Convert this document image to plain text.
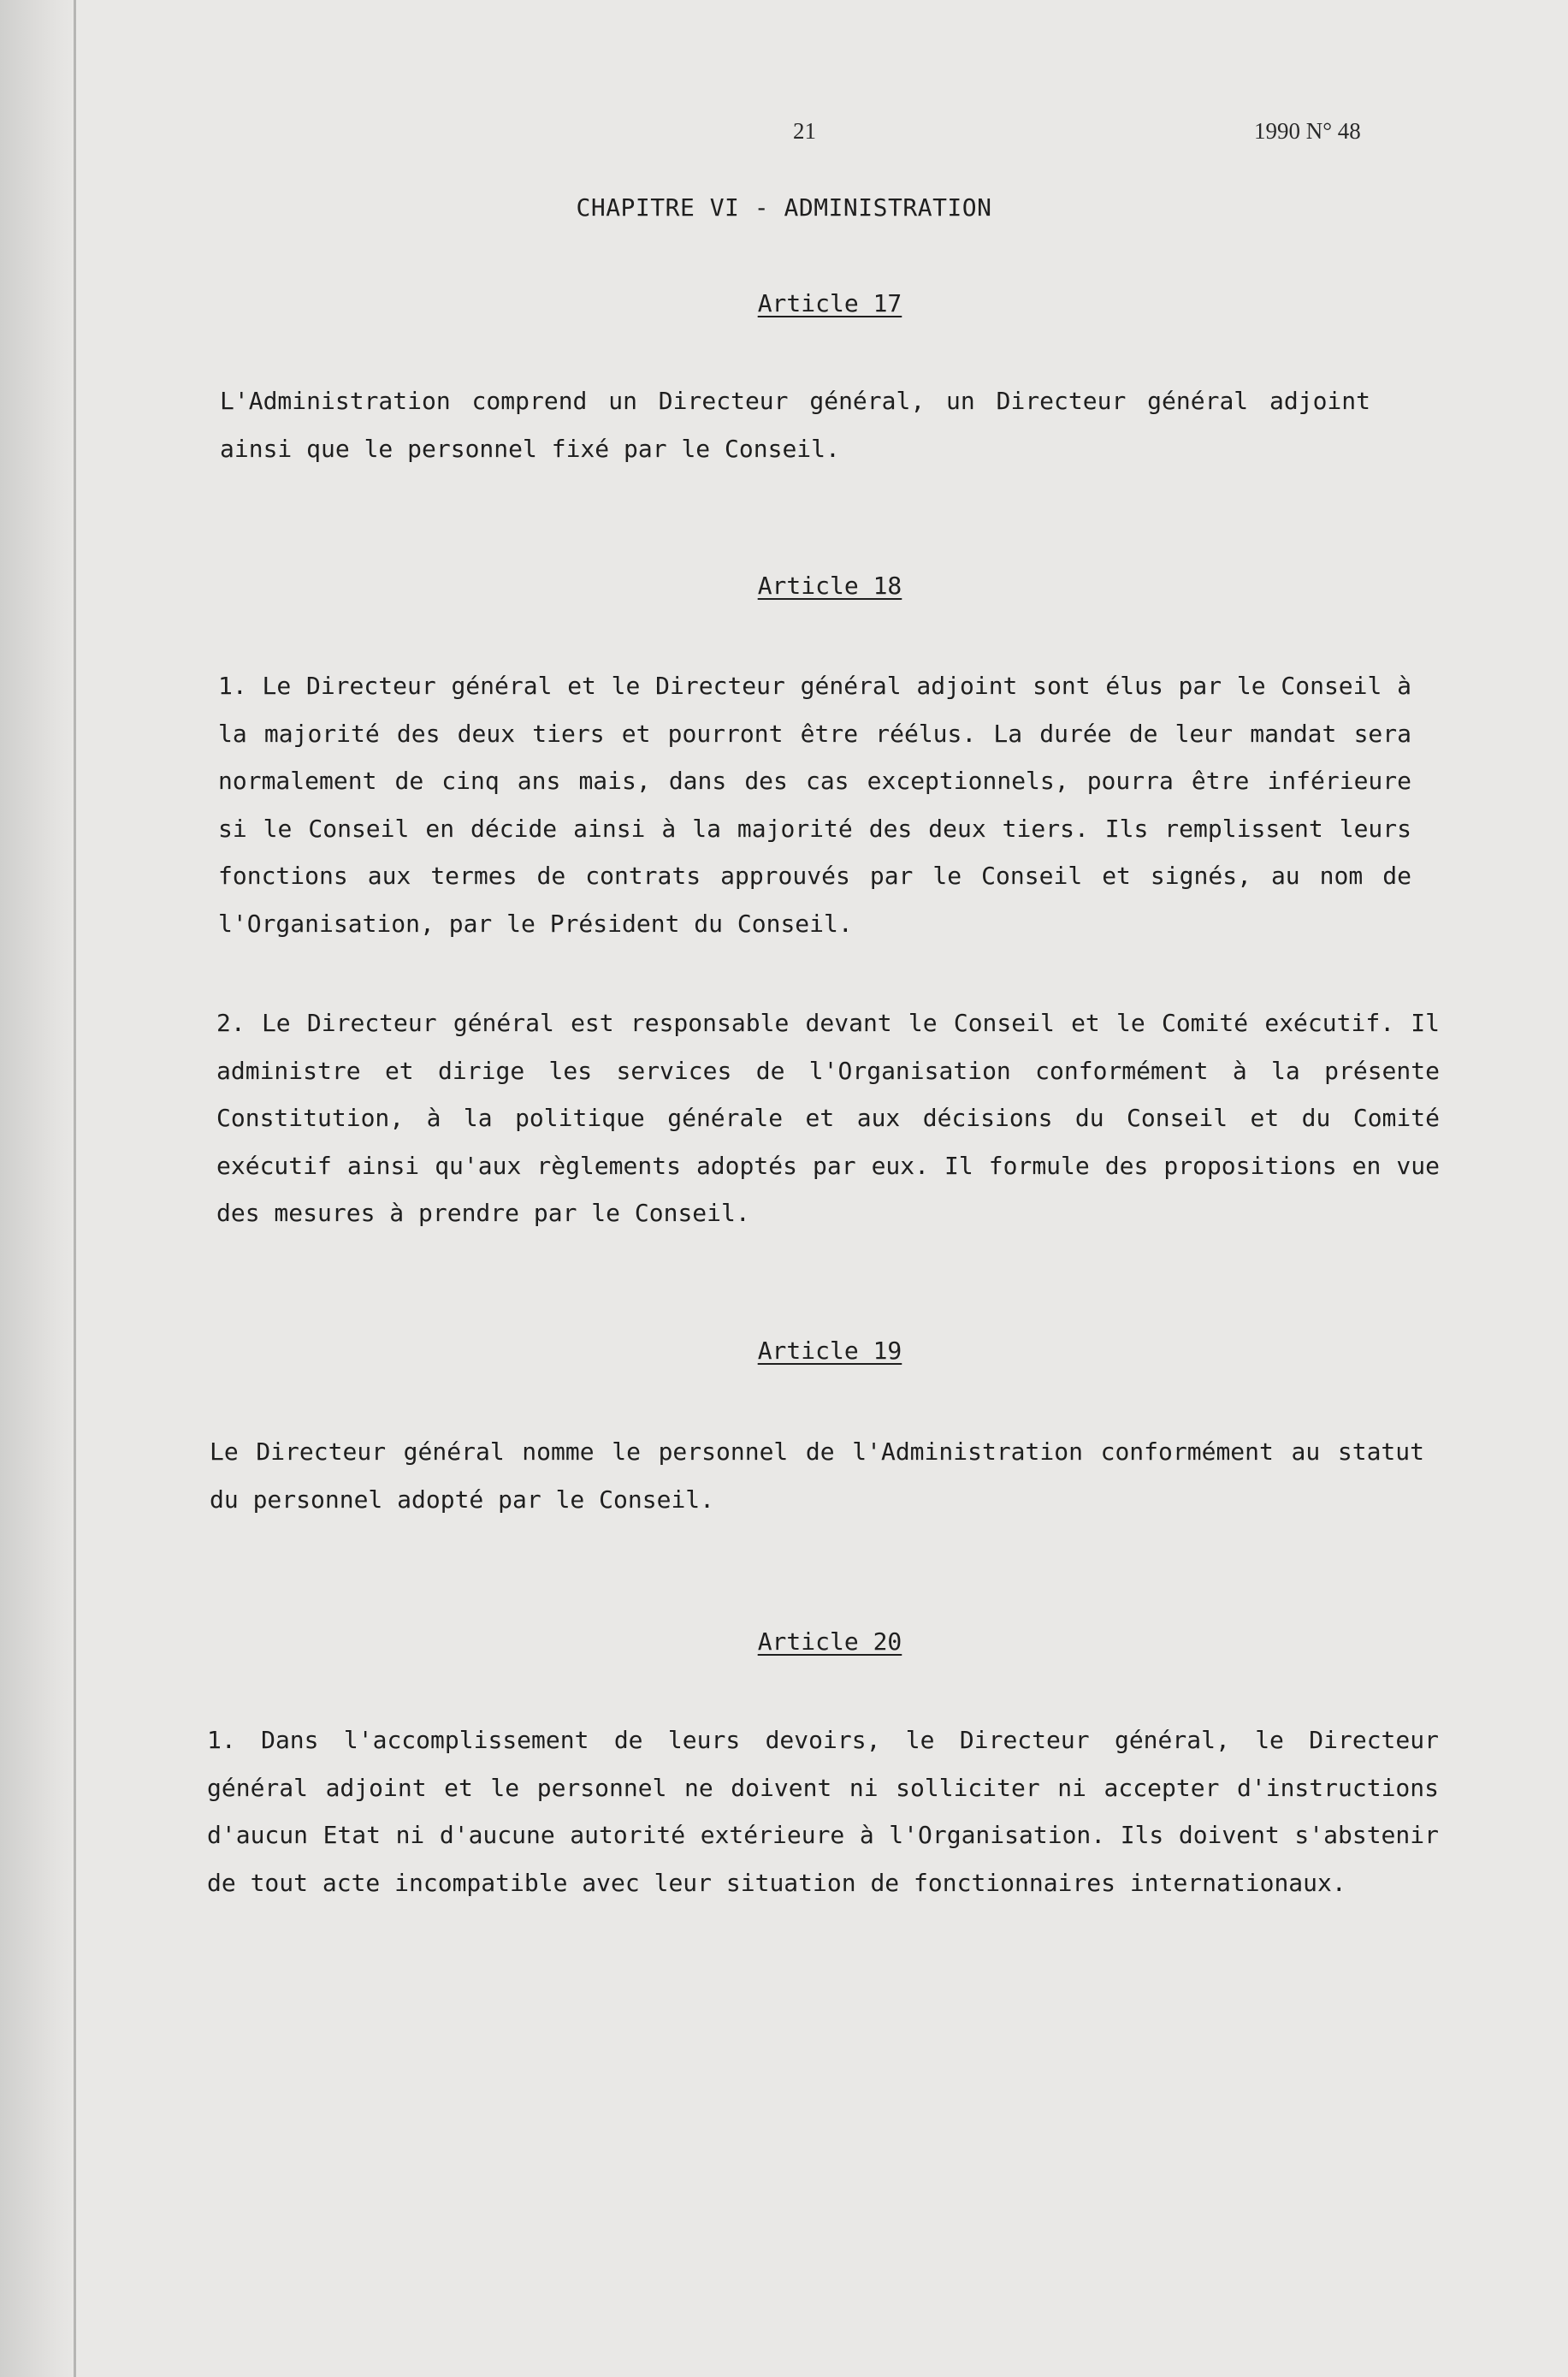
21	1990 N° 48
CHAPITRE VI - ADMINISTRATION
Article 17
L'Administration comprend un Directeur général, un Directeur général adjoint ainsi que le personnel fixé par le Conseil.
Article 18
1. Le Directeur général et le Directeur général adjoint sont élus par le Conseil à la majorité des deux tiers et pourront être réélus. La durée de leur mandat sera normalement de cinq ans mais, dans des cas exceptionnels, pourra être inférieure si le Conseil en décide ainsi à la majorité des deux tiers. Ils remplissent leurs fonctions aux termes de contrats approuvés par le Conseil et signés, au nom de l'Organisation, par le Président du Conseil.
2. Le Directeur général est responsable devant le Conseil et le Comité exécutif. Il administre et dirige les services de l'Organisation conformément à la présente Constitution, à la politique générale et aux décisions du Conseil et du Comité exécutif ainsi qu'aux règlements adoptés par eux. Il formule des propositions en vue des mesures à prendre par le Conseil.
Article 19
Le Directeur général nomme le personnel de l'Administration conformément au statut du personnel adopté par le Conseil.
Article 20
1. Dans l'accomplissement de leurs devoirs, le Directeur général, le Directeur général adjoint et le personnel ne doivent ni solliciter ni accepter d'instructions d'aucun Etat ni d'aucune autorité extérieure à l'Organisation. Ils doivent s'abstenir de tout acte incompatible avec leur situation de fonctionnaires internationaux.
